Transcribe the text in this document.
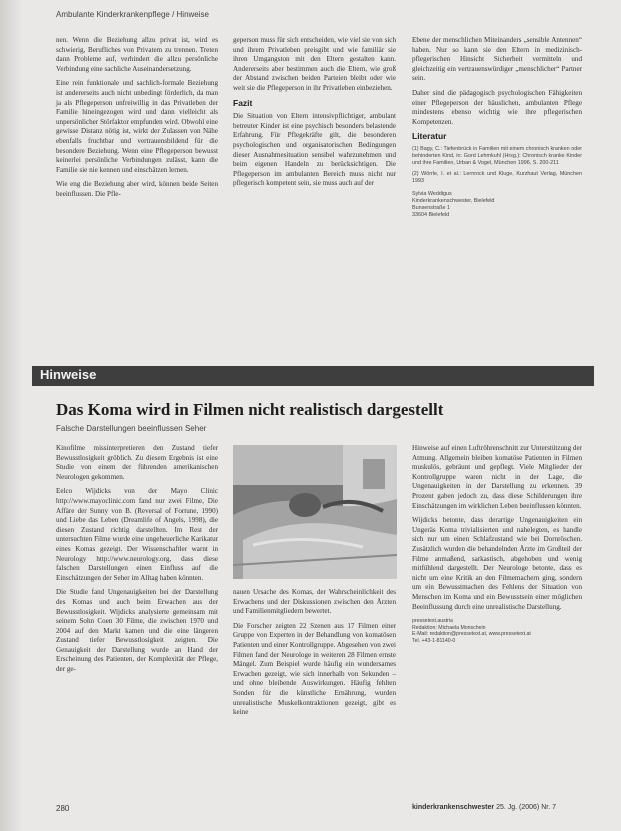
Ambulante Kinderkrankenpflege / Hinweise

nen. Wenn die Beziehung allzu privat ist, wird es schwierig, Berufliches von Privatem zu trennen. Treten dann Probleme auf, verhindert die allzu persönliche Verbindung eine sachliche Auseinandersetzung.

Eine rein funktionale und sachlich-formale Beziehung ist andererseits auch nicht unbedingt förderlich, da man ja als Pflegeperson unfreiwillig in das Privatleben der Familie hineingezogen wird und dann vielleicht als unpersönlicher Störfaktor empfunden wird. Obwohl eine gewisse Distanz nötig ist, wirkt der Zulassen von Nähe ebenfalls fruchtbar und vertrauensbildend für die besondere Beziehung. Wenn eine Pflegeperson bewusst keinerlei persönliche Verbindungen zulässt, kann die Familie sie nie kennen und einschätzen lernen.

Wie eng die Beziehung aber wird, können beide Seiten beeinflussen. Die Pfle-

geperson muss für sich entscheiden, wie viel sie von sich und ihrem Privatleben preisgibt und wie familiär sie ihren Umgangston mit den Eltern gestalten kann. Andererseits aber bestimmen auch die Eltern, wie groß der Abstand zwischen beiden Parteien bleibt oder wie weit sie die Pflegeperson in ihr Privatleben einbeziehen.

Fazit

Die Situation von Eltern intensivpflichtiger, ambulant betreuter Kinder ist eine psychisch besonders belastende Erfahrung. Für Pflegekräfte gilt, die besonderen psychologischen und organisatorischen Bedingungen dieser Ausnahmesituation sensibel wahrzunehmen und beim eigenen Handeln zu berücksichtigen. Die Pflegeperson im ambulanten Bereich muss nicht nur pflegerisch kompetent sein, sie muss auch auf der

Ebene der menschlichen Miteinanders „sensible Antennen“ haben. Nur so kann sie den Eltern in medizinisch-pflegerischen Hinsicht Sicherheit vermitteln und gleichzeitig ein vertrauenswürdiger „menschlicher“ Partner sein.

Daher sind die pädagogisch psychologischen Fähigkeiten einer Pflegeperson der häuslichen, ambulanten Pflege mindestens ebenso wichtig wie ihre pflegerischen Kompetenzen.

Literatur
(1) Bagy, C.: Tiefenbrück in Familien mit einem chronisch kranken oder behinderten Kind, in: Gord Lehmkuhl (Hrsg.): Chronisch kranke Kinder und ihre Familien, Urban & Vogel, München 1996, S. 200-211
(2) Wörrle, I. et al.: Lernrock und Kluge, Kurzhaut Verlag, München 1993
Sylvia Weddigus
Kinderkrankenschwester, Bielefeld
Bunsenstraße 1
33604 Bielefeld
Hinweise
Das Koma wird in Filmen nicht realistisch dargestellt
Falsche Darstellungen beeinflussen Seher

Kinofilme missinterpretieren den Zustand tiefer Bewusstlosigkeit gröblich. Zu diesem Ergebnis ist eine Studie von einem der führenden amerikanischen Neurologen gekommen.

Eelco Wijdicks von der Mayo Clinic http://www.mayoclinic.com fand nur zwei Filme, Die Affäre der Sunny von B. (Reversal of Fortune, 1990) und Liebe das Leben (Dreamlife of Angels, 1998), die diesen Zustand richtig darstellten. Im Rest der untersuchten Filme wurde eine ungeheuerliche Karikatur eines Komas gezeigt. Der Wissenschaftler warnt in Neurology http://www.neurology.org, dass diese falschen Darstellungen einen Einfluss auf die Einschätzungen der Seher im Alltag haben könnten.

Die Studie fand Ungenauigkeiten bei der Darstellung des Komas und auch beim Erwachen aus der Bewusstlosigkeit. Wijdicks analysierte gemeinsam mit seinem Sohn Coen 30 Filme, die zwischen 1970 und 2004 auf den Markt kamen und die eine längeren Zustand tiefer Bewusstlosigkeit zeigten. Die Genauigkeit der Darstellung wurde an Hand der Erscheinung des Patienten, der Komplexität der Pflege, der ge-

nauen Ursache des Komas, der Wahrscheinlichkeit des Erwachens und der Diskussionen zwischen den Ärzten und Familienmitgliedern bewertet.

Die Forscher zeigten 22 Szenen aus 17 Filmen einer Gruppe von Experten in der Behandlung von komatösen Patienten und einer Kontrollgruppe. Abgesehen von zwei Filmen fand der Neurologe in weiteren 28 Filmen ernste Mängel. Zum Beispiel wurde häufig ein wundersames Erwachen gezeigt, wie sich innerhalb von Sekunden – und ohne bleibende Auswirkungen. Häufig fehlten Sonden für die künstliche Ernährung, wurden unrealistische Muskelkontraktionen gezeigt, gibt es keine

Hinweise auf einen Luftröhrenschnitt zur Unterstützung der Atmung. Allgemein bleiben komatöse Patienten in Filmen muskulös, gebräunt und gepflegt. Viele Mitglieder der Kontrollgruppe waren nicht in der Lage, die Ungenauigkeiten in der Darstellung zu erkennen. 39 Prozent gaben jedoch zu, dass diese Schilderungen ihre Einschätzungen im wirklichen Leben beeinflussen könnten.

Wijdicks betonte, dass derartige Ungenauigkeiten ein Ungeräs Koma trivialisierten und nahelegten, es handle sich nur um einen Schlafzustand wie bei Dornröschen. Zusätzlich wurden die behandelnden Ärzte im Großteil der Filme anmaßend, sarkastisch, abgehoben und wenig mitfühlend dargestellt. Der Neurologe betonte, dass es nicht um eine Kritik an den Filmemachern ging, sondern um ein Bewusstmachen des Fehlens der Situation von Menschen im Koma und ein Bewusstsein einer möglichen Beeinflussung durch eine unrealistische Darstellung.

pressetext.austria
Redaktion: Michaela Monschein
E-Mail: redaktion@pressetext.at, www.pressetext.at
Tel. +43-1-81140-0
280	kinderkrankenschwester 25. Jg. (2006) Nr. 7
